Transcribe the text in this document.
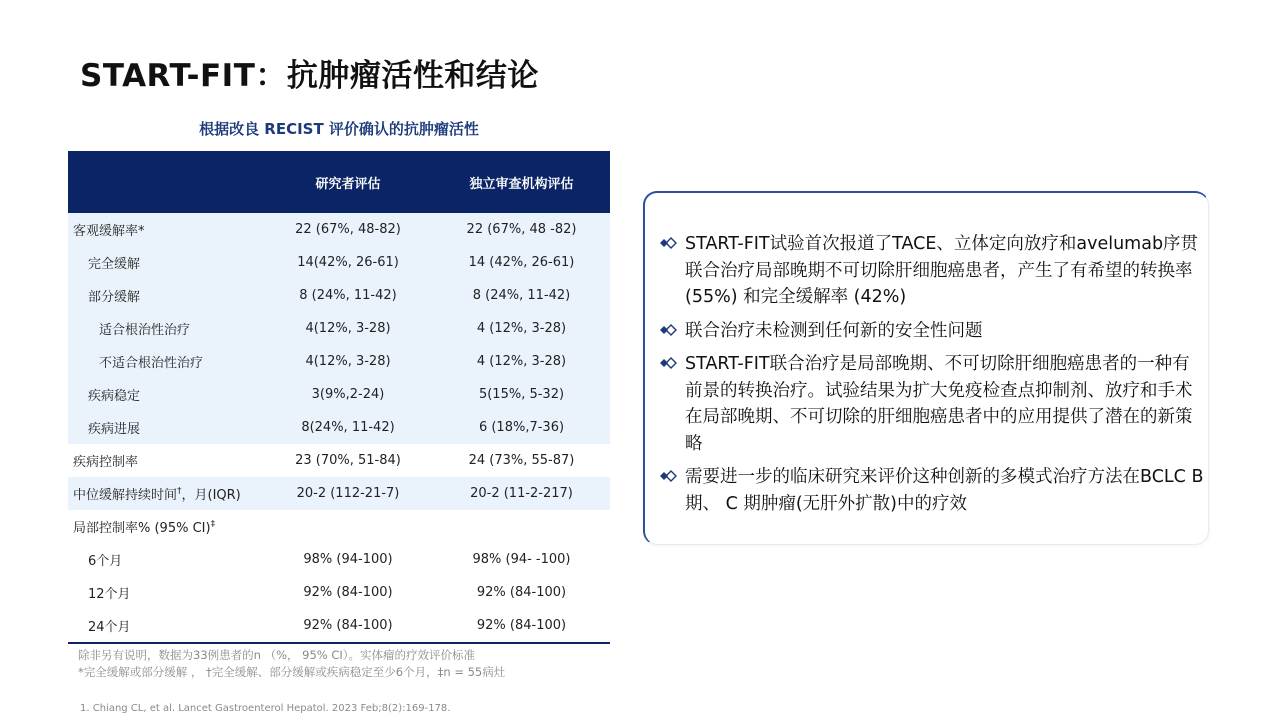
START-FIT：抗肿瘤活性和结论
根据改良 RECIST 评价确认的抗肿瘤活性
研究者评估	独立审查机构评估
客观缓解率*	22 (67%, 48-82)	22 (67%, 48 -82)
完全缓解	14(42%, 26-61)	14 (42%, 26-61)
部分缓解	8 (24%, 11-42)	8 (24%, 11-42)
适合根治性治疗	4(12%, 3-28)	4 (12%, 3-28)
不适合根治性治疗	4(12%, 3-28)	4 (12%, 3-28)
疾病稳定	3(9%,2-24)	5(15%, 5-32)
疾病进展	8(24%, 11-42)	6 (18%,7-36)
疾病控制率	23 (70%, 51-84)	24 (73%, 55-87)
中位缓解持续时间†，月(IQR)	20-2 (112-21-7)	20-2 (11-2-217)
局部控制率% (95% CI)‡
6个月	98% (94-100)	98% (94- -100)
12个月	92% (84-100)	92% (84-100)
24个月	92% (84-100)	92% (84-100)
除非另有说明，数据为33例患者的n （%， 95% CI）。实体瘤的疗效评价标准
*完全缓解或部分缓解 ， †完全缓解、部分缓解或疾病稳定至少6个月，‡n = 55病灶
1. Chiang CL, et al. Lancet Gastroenterol Hepatol. 2023 Feb;8(2):169-178.
START-FIT试验首次报道了TACE、立体定向放疗和avelumab序贯联合治疗局部晚期不可切除肝细胞癌患者，产生了有希望的转换率 (55%) 和完全缓解率 (42%)
联合治疗未检测到任何新的安全性问题
START-FIT联合治疗是局部晚期、不可切除肝细胞癌患者的一种有前景的转换治疗。试验结果为扩大免疫检查点抑制剂、放疗和手术在局部晚期、不可切除的肝细胞癌患者中的应用提供了潜在的新策略
需要进一步的临床研究来评价这种创新的多模式治疗方法在BCLC B 期、 C 期肿瘤(无肝外扩散)中的疗效
